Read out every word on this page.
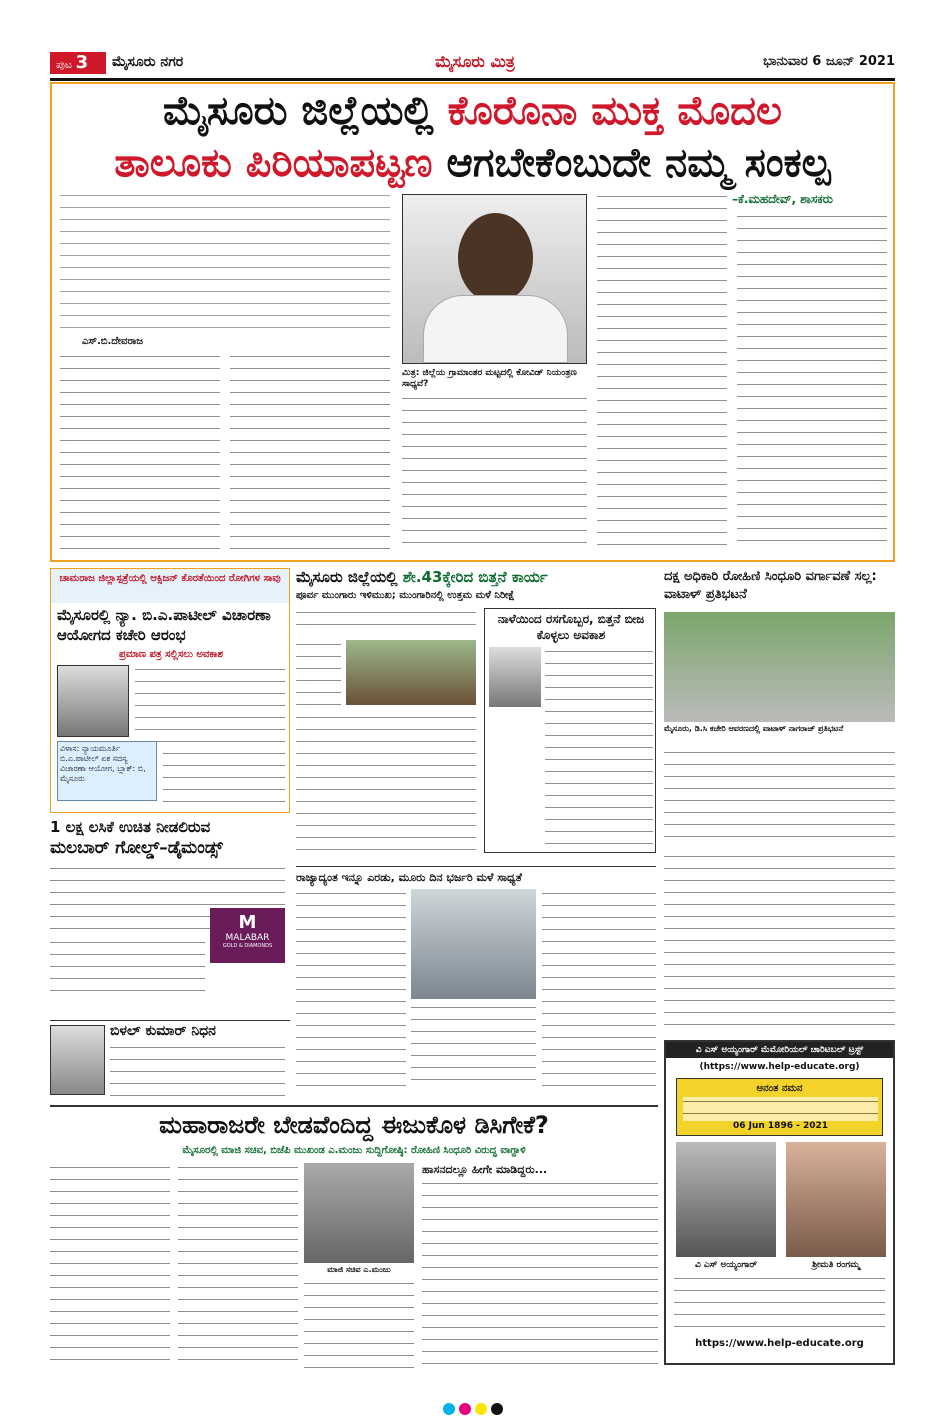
ಪುಟ 3	ಮೈಸೂರು ನಗರ	ಮೈಸೂರು ಮಿತ್ರ	ಭಾನುವಾರ 6 ಜೂನ್ 2021
ಮೈಸೂರು ಜಿಲ್ಲೆಯಲ್ಲಿ ಕೊರೊನಾ ಮುಕ್ತ ಮೊದಲ
ತಾಲೂಕು ಪಿರಿಯಾಪಟ್ಟಣ ಆಗಬೇಕೆಂಬುದೇ ನಮ್ಮ ಸಂಕಲ್ಪ
ಎಸ್.ಬಿ.ದೇವರಾಜ
ಮಿತ್ರ: ಜಿಲ್ಲೆಯ ಗ್ರಾಮಾಂತರ ಮಟ್ಟದಲ್ಲಿ ಕೋವಿಡ್ ನಿಯಂತ್ರಣ ಸಾಧ್ಯವೆ?
–ಕೆ.ಮಹದೇವ್, ಶಾಸಕರು
ಚಾಮರಾಜ ಜಿಲ್ಲಾಸ್ಪತ್ರೆಯಲ್ಲಿ ಆಕ್ಸಿಜನ್ ಕೊರತೆಯಿಂದ ರೋಗಿಗಳ ಸಾವು
ಮೈಸೂರಲ್ಲಿ ನ್ಯಾ. ಬಿ.ಎ.ಪಾಟೀಲ್ ವಿಚಾರಣಾ ಆಯೋಗದ ಕಚೇರಿ ಆರಂಭ
ಪ್ರಮಾಣ ಪತ್ರ ಸಲ್ಲಿಸಲು ಅವಕಾಶ
ವಿಳಾಸ: ನ್ಯಾಯಮೂರ್ತಿ ಬಿ.ಎ.ಪಾಟೀಲ್ ಏಕ ಸದಸ್ಯ ವಿಚಾರಣಾ ಆಯೋಗ, ಬ್ಲಾಕ್: ಬಿ, ಮೈಸೂರು
1 ಲಕ್ಷ ಲಸಿಕೆ ಉಚಿತ ನೀಡಲಿರುವ
ಮಲಬಾರ್ ಗೋಲ್ಡ್–ಡೈಮಂಡ್ಸ್
M
MALABAR
GOLD & DIAMONDS
ಬಿಳಲ್‌ ಕುಮಾರ್ ನಿಧನ
ಮೈಸೂರು ಜಿಲ್ಲೆಯಲ್ಲಿ ಶೇ.43ಕ್ಕೇರಿದ ಬಿತ್ತನೆ ಕಾರ್ಯ
ಪೂರ್ವ ಮುಂಗಾರು ಇಳಿಮುಖ; ಮುಂಗಾರಿನಲ್ಲಿ ಉತ್ತಮ ಮಳೆ ನಿರೀಕ್ಷೆ
ನಾಳೆಯಿಂದ ರಸಗೊಬ್ಬರ, ಬಿತ್ತನೆ ಬೀಜ ಕೊಳ್ಳಲು ಅವಕಾಶ
ರಾಜ್ಯಾದ್ಯಂತ ಇನ್ನೂ ಎರಡು, ಮೂರು ದಿನ ಭರ್ಜರಿ ಮಳೆ ಸಾಧ್ಯತೆ
ದಕ್ಷ ಅಧಿಕಾರಿ ರೋಹಿಣಿ ಸಿಂಧೂರಿ ವರ್ಗಾವಣೆ ಸಲ್ಲ: ವಾಟಾಳ್ ಪ್ರತಿಭಟನೆ
ಮೈಸೂರು, ಡಿ.ಸಿ ಕಚೇರಿ ಆವರಣದಲ್ಲಿ ವಾಟಾಳ್ ನಾಗರಾಜ್ ಪ್ರತಿಭಟನೆ
ವಿ ಎಸ್ ಅಯ್ಯಂಗಾರ್ ಮೆಮೋರಿಯಲ್ ಚಾರಿಟಬಲ್ ಟ್ರಸ್ಟ್
(https://www.help-educate.org)
ಅನಂತ ನಮನ
06 Jun 1896 - 2021
ವಿ ಎಸ್ ಅಯ್ಯಂಗಾರ್	ಶ್ರೀಮತಿ ರಂಗಮ್ಮ
https://www.help-educate.org
ಮಹಾರಾಜರೇ ಬೇಡವೆಂದಿದ್ದ ಈಜುಕೊಳ ಡಿಸಿಗೇಕೆ?
ಮೈಸೂರಲ್ಲಿ ಮಾಜಿ ಸಚಿವ, ಬಿಜೆಪಿ ಮುಖಂಡ ಎ.ಮಂಜು ಸುದ್ದಿಗೋಷ್ಠಿ: ರೋಹಿಣಿ ಸಿಂಧೂರಿ ವಿರುದ್ಧ ವಾಗ್ದಾಳಿ
ಮಾಜಿ ಸಚಿವ ಎ.ಮಂಜು
ಹಾಸನದಲ್ಲೂ ಹೀಗೇ ಮಾಡಿದ್ದರು...
